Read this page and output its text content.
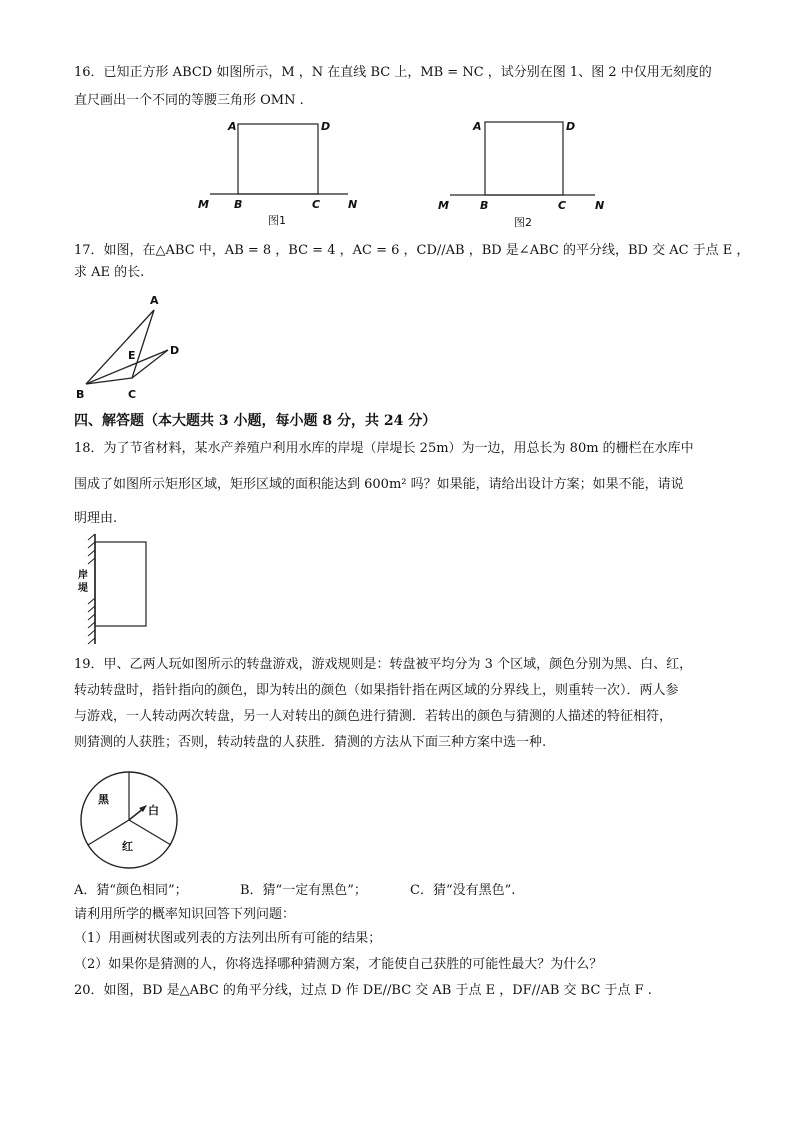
16．已知正方形 ABCD 如图所示，M ，N 在直线 BC 上，MB = NC ，试分别在图 1、图 2 中仅用无刻度的
直尺画出一个不同的等腰三角形 OMN .
A	D
M B	C	N
图1
A	D
M	B	C	N
图2
17．如图，在△ABC 中，AB = 8 ，BC = 4 ，AC = 6 ，CD//AB ，BD 是∠ABC 的平分线，BD 交 AC 于点 E ，
求 AE 的长.
A
B	C
D
E
四、解答题（本大题共 3 小题，每小题 8 分，共 24 分）
18．为了节省材料，某水产养殖户利用水库的岸堤（岸堤长 25m）为一边，用总长为 80m 的栅栏在水库中
围成了如图所示矩形区域，矩形区域的面积能达到 600m² 吗？如果能，请给出设计方案；如果不能，请说
明理由.
岸
堤
19．甲、乙两人玩如图所示的转盘游戏，游戏规则是：转盘被平均分为 3 个区域，颜色分别为黑、白、红，
转动转盘时，指针指向的颜色，即为转出的颜色（如果指针指在两区域的分界线上，则重转一次）．两人参
与游戏，一人转动两次转盘，另一人对转出的颜色进行猜测．若转出的颜色与猜测的人描述的特征相符，
则猜测的人获胜；否则，转动转盘的人获胜．猜测的方法从下面三种方案中选一种.
黑
白
红
A．猜“颜色相同”；	B．猜“一定有黑色”；	C．猜“没有黑色”.
请利用所学的概率知识回答下列问题：
（1）用画树状图或列表的方法列出所有可能的结果；
（2）如果你是猜测的人，你将选择哪种猜测方案，才能使自己获胜的可能性最大？为什么？
20．如图，BD 是△ABC 的角平分线，过点 D 作 DE//BC 交 AB 于点 E ，DF//AB 交 BC 于点 F .
